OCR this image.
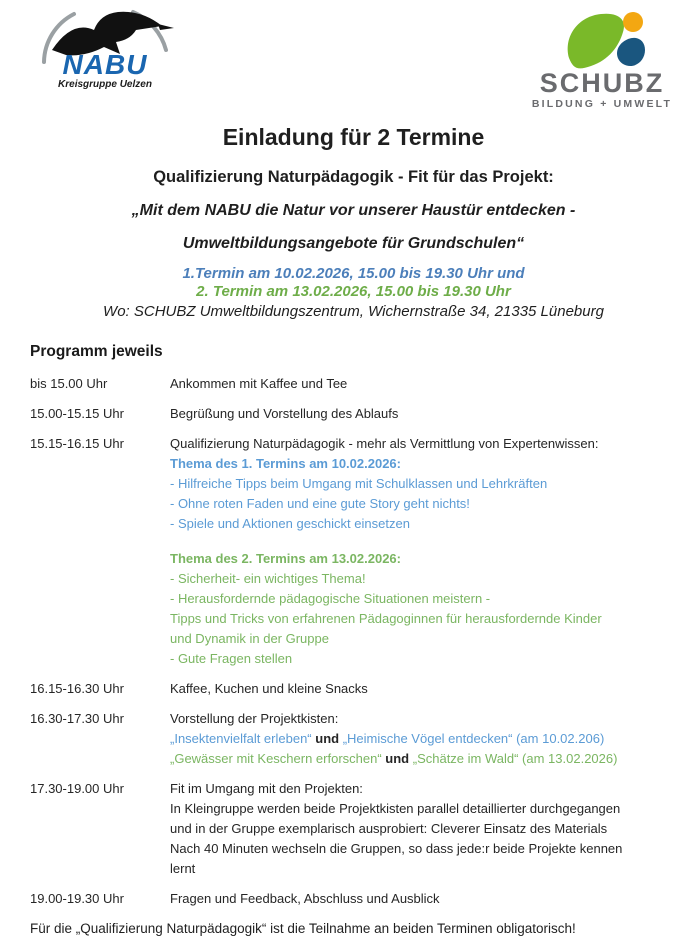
NABU
Kreisgruppe Uelzen	SCHUBZ
BILDUNG + UMWELT
Einladung für 2 Termine

Qualifizierung Naturpädagogik - Fit für das Projekt:

„Mit dem NABU die Natur vor unserer Haustür entdecken -

Umweltbildungsangebote für Grundschulen“

1.Termin am 10.02.2026, 15.00 bis 19.30 Uhr und

2. Termin am 13.02.2026, 15.00 bis 19.30 Uhr

Wo: SCHUBZ Umweltbildungszentrum, Wichernstraße 34, 21335 Lüneburg

Programm jeweils
bis 15.00 Uhr	Ankommen mit Kaffee und Tee
15.00-15.15 Uhr	Begrüßung und Vorstellung des Ablaufs
15.15-16.15 Uhr	Qualifizierung Naturpädagogik - mehr als Vermittlung von Expertenwissen:
Thema des 1. Termins am 10.02.2026:
- Hilfreiche Tipps beim Umgang mit Schulklassen und Lehrkräften
- Ohne roten Faden und eine gute Story geht nichts!
- Spiele und Aktionen geschickt einsetzen
Thema des 2. Termins am 13.02.2026:
- Sicherheit- ein wichtiges Thema!
- Herausfordernde pädagogische Situationen meistern -
Tipps und Tricks von erfahrenen Pädagoginnen für herausfordernde Kinder
und Dynamik in der Gruppe
- Gute Fragen stellen
16.15-16.30 Uhr	Kaffee, Kuchen und kleine Snacks
16.30-17.30 Uhr	Vorstellung der Projektkisten:
„Insektenvielfalt erleben“ und „Heimische Vögel entdecken“ (am 10.02.206)
„Gewässer mit Keschern erforschen“ und „Schätze im Wald“ (am 13.02.2026)
17.30-19.00 Uhr	Fit im Umgang mit den Projekten:
In Kleingruppe werden beide Projektkisten parallel detaillierter durchgegangen
und in der Gruppe exemplarisch ausprobiert: Cleverer Einsatz des Materials
Nach 40 Minuten wechseln die Gruppen, so dass jede:r beide Projekte kennen
lernt
19.00-19.30 Uhr	Fragen und Feedback, Abschluss und Ausblick

Für die „Qualifizierung Naturpädagogik“ ist die Teilnahme an beiden Terminen obligatorisch!
